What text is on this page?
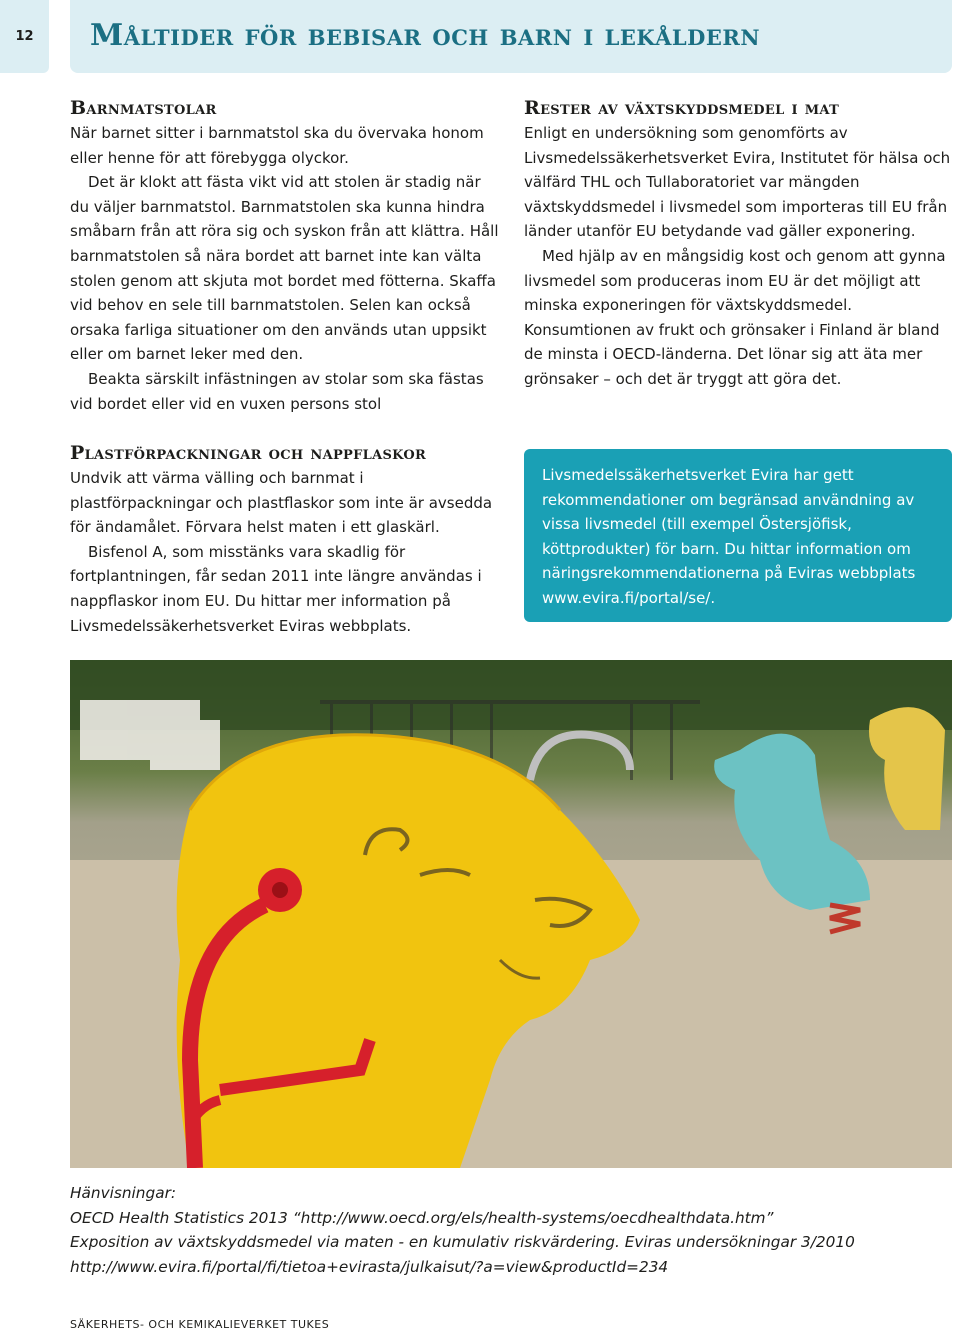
12	Måltider för bebisar och barn i lekåldern
Barnmatstolar

När barnet sitter i barnmatstol ska du övervaka honom eller henne för att förebygga olyckor.

Det är klokt att fästa vikt vid att stolen är stadig när du väljer barnmatstol. Barnmatstolen ska kunna hindra småbarn från att röra sig och syskon från att klättra. Håll barnmatstolen så nära bordet att barnet inte kan välta stolen genom att skjuta mot bordet med fötterna. Skaffa vid behov en sele till barnmatstolen. Selen kan också orsaka farliga situationer om den används utan uppsikt eller om barnet leker med den.

Beakta särskilt infästningen av stolar som ska fästas vid bordet eller vid en vuxen persons stol

Plastförpackningar och nappflaskor

Undvik att värma välling och barnmat i plastförpackningar och plastflaskor som inte är avsedda för ändamålet. Förvara helst maten i ett glaskärl.

Bisfenol A, som misstänks vara skadlig för fortplantningen, får sedan 2011 inte längre användas i nappflaskor inom EU. Du hittar mer information på Livsmedelssäkerhetsverket Eviras webbplats.

Rester av växtskyddsmedel i mat

Enligt en undersökning som genomförts av Livsmedelssäkerhetsverket Evira, Institutet för hälsa och välfärd THL och Tullaboratoriet var mängden växtskyddsmedel i livsmedel som importeras till EU från länder utanför EU betydande vad gäller exponering.

Med hjälp av en mångsidig kost och genom att gynna livsmedel som produceras inom EU är det möjligt att minska exponeringen för växtskyddsmedel. Konsumtionen av frukt och grönsaker i Finland är bland de minsta i OECD-länderna. Det lönar sig att äta mer grönsaker – och det är tryggt att göra det.

Livsmedelssäkerhetsverket Evira har gett rekommendationer om begränsad användning av vissa livsmedel (till exempel Östersjöfisk, köttprodukter) för barn. Du hittar information om näringsrekommendationerna på Eviras webbplats www.evira.fi/portal/se/.

Hänvisningar:

OECD Health Statistics 2013 “http://www.oecd.org/els/health-systems/oecdhealthdata.htm”

Exposition av växtskyddsmedel via maten - en kumulativ riskvärdering. Eviras undersökningar 3/2010

http://www.evira.fi/portal/fi/tietoa+evirasta/julkaisut/?a=view&productId=234

SÄKERHETS- OCH KEMIKALIEVERKET TUKES
